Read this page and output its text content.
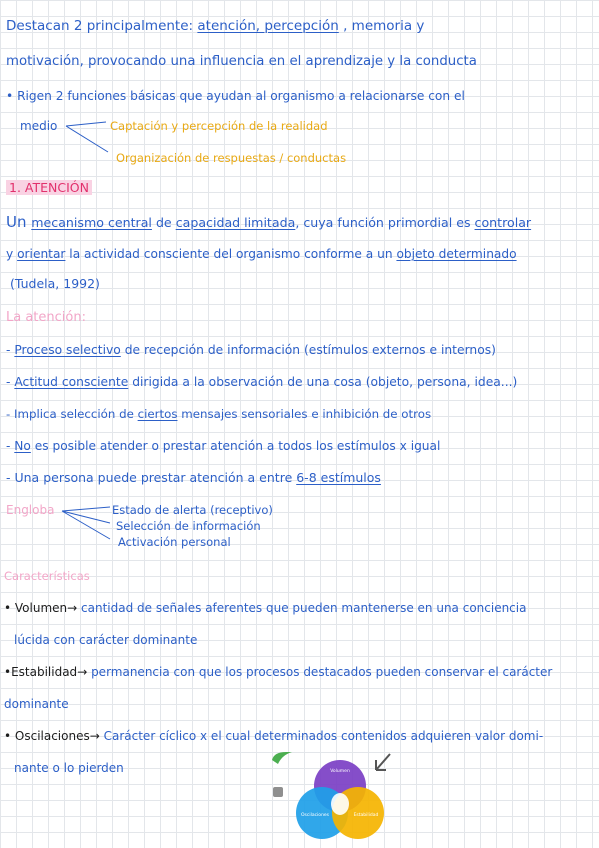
Destacan 2 principalmente: atención, percepción , memoria y
motivación, provocando una influencia en el aprendizaje y la conducta
• Rigen 2 funciones básicas que ayudan al organismo a relacionarse con el
medio	Captación y percepción de la realidad
Organización de respuestas / conductas
1. ATENCIÓN
Un mecanismo central de capacidad limitada, cuya función primordial es controlar
y orientar la actividad consciente del organismo conforme a un objeto determinado
(Tudela, 1992)
La atención:
- Proceso selectivo de recepción de información (estímulos externos e internos)
- Actitud consciente dirigida a la observación de una cosa (objeto, persona, idea...)
- Implica selección de ciertos mensajes sensoriales e inhibición de otros
- No es posible atender o prestar atención a todos los estímulos x igual
- Una persona puede prestar atención a entre 6-8 estímulos
Engloba	Estado de alerta (receptivo)
Selección de información
Activación personal
Características
• Volumen→ cantidad de señales aferentes que pueden mantenerse en una conciencia
lúcida con carácter dominante
•Estabilidad→ permanencia con que los procesos destacados pueden conservar el carácter
dominante
• Oscilaciones→ Carácter cíclico x el cual determinados contenidos adquieren valor domi-
nante o lo pierden	Volumen
Oscilaciones	Estabilidad
